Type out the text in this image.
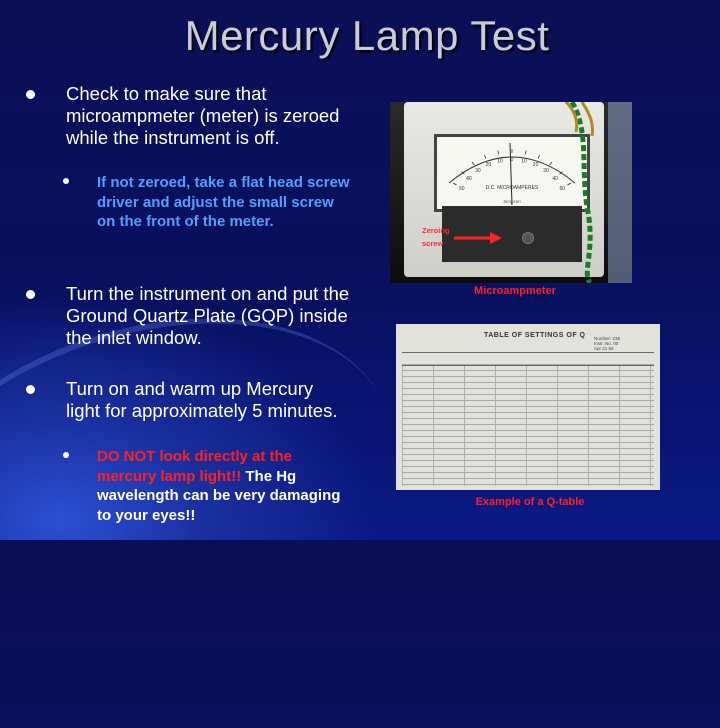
Mercury Lamp Test
Check to make sure that microampmeter (meter) is zeroed while the instrument is off.
If not zeroed, take a flat head screw driver and adjust the small screw on the front of the meter.
Turn the instrument on and put the Ground Quartz Plate (GQP) inside the inlet window.
Turn on and warm up Mercury light for approximately 5 minutes.
DO NOT look directly at the mercury lamp light!! The Hg wavelength can be very damaging to your eyes!!
50
40
30
20
10 0 10
20
30
40
50
D.C. MICROAMPERES
Simpson
Zeroing
screw
Microampmeter
TABLE OF SETTINGS OF Q Number: 235
Instr. No. 00
Apr 21 56
Example of a Q-table
